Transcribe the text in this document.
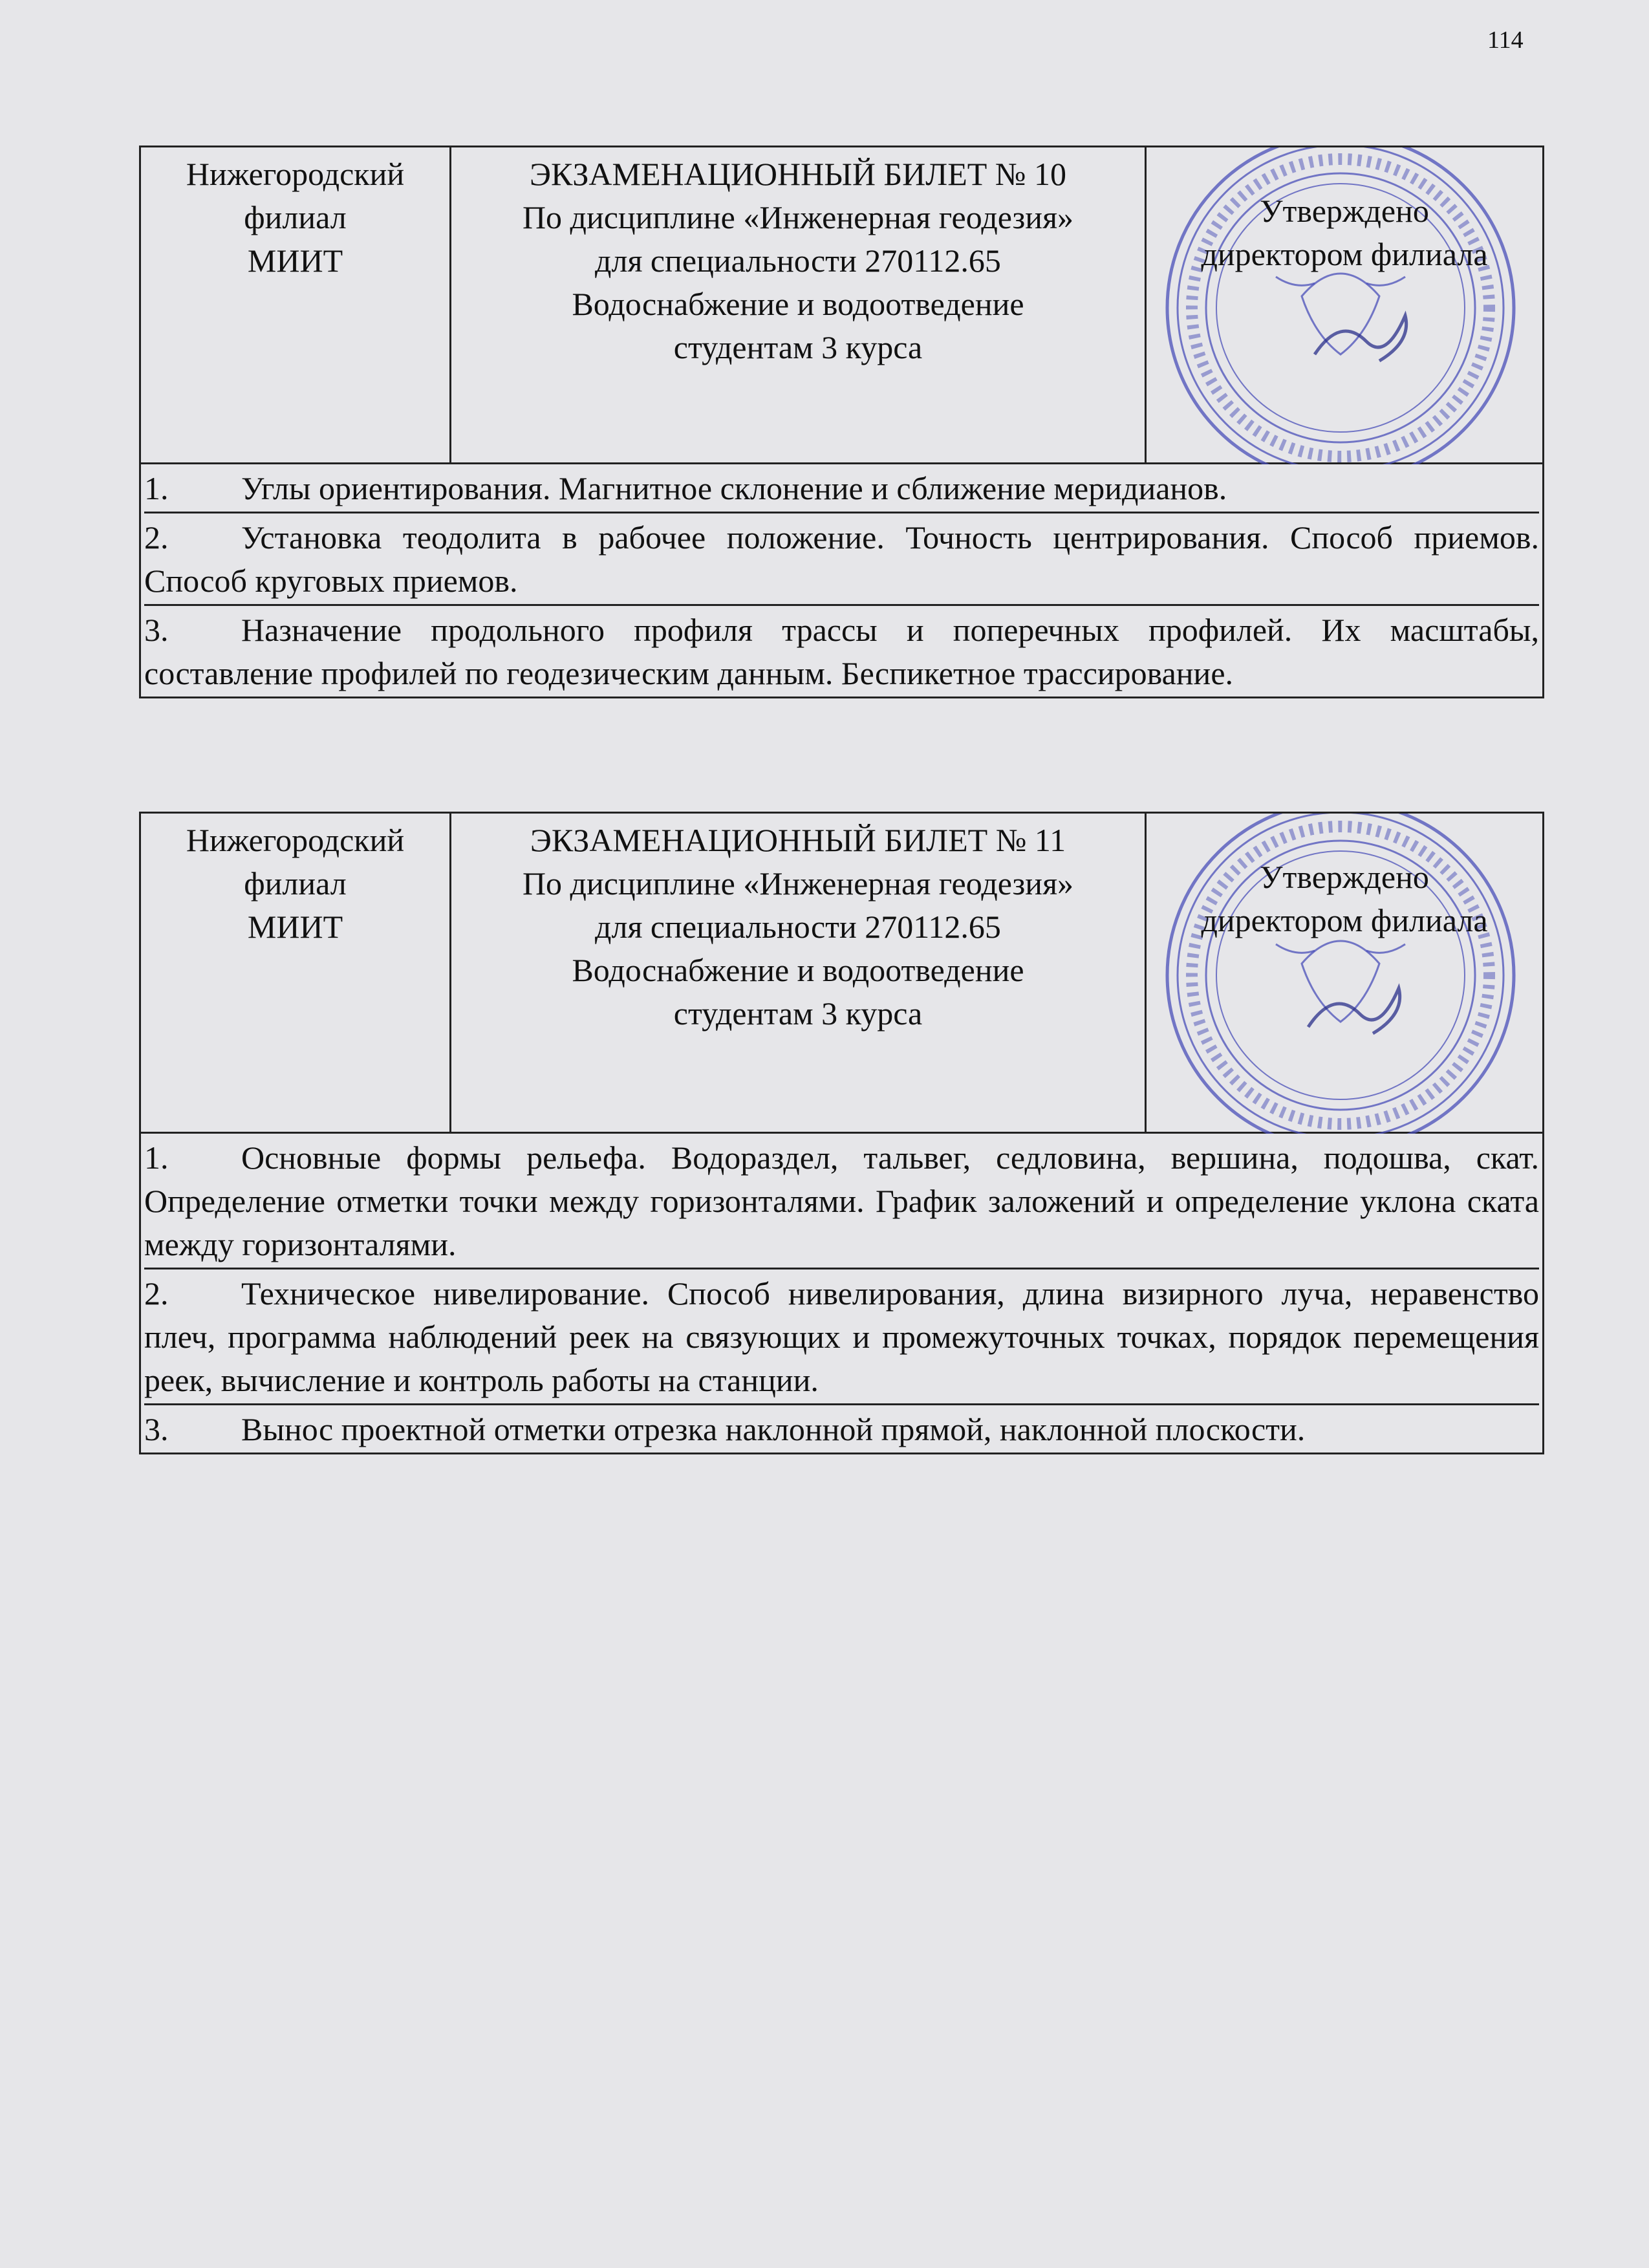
114
Нижегородский
филиал
МИИТ

ЭКЗАМЕНАЦИОННЫЙ БИЛЕТ № 10
По дисциплине «Инженерная геодезия»
для специальности 270112.65
Водоснабжение и водоотведение
студентам 3 курса

Утверждено
директором филиала

1. Углы ориентирования. Магнитное склонение и сближение меридианов.
2. Установка теодолита в рабочее положение. Точность центрирования. Способ приемов. Способ круговых приемов.
3. Назначение продольного профиля трассы и поперечных профилей. Их масштабы, составление профилей по геодезическим данным. Беспикетное трассирование.
Нижегородский
филиал
МИИТ

ЭКЗАМЕНАЦИОННЫЙ БИЛЕТ № 11
По дисциплине «Инженерная геодезия»
для специальности 270112.65
Водоснабжение и водоотведение
студентам 3 курса

Утверждено
директором филиала

1. Основные формы рельефа. Водораздел, тальвег, седловина, вершина, подошва, скат. Определение отметки точки между горизонталями. График заложений и определение уклона ската между горизонталями.
2. Техническое нивелирование. Способ нивелирования, длина визирного луча, неравенство плеч, программа наблюдений реек на связующих и промежуточных точках, порядок перемещения реек, вычисление и контроль работы на станции.
3. Вынос проектной отметки отрезка наклонной прямой, наклонной плоскости.
